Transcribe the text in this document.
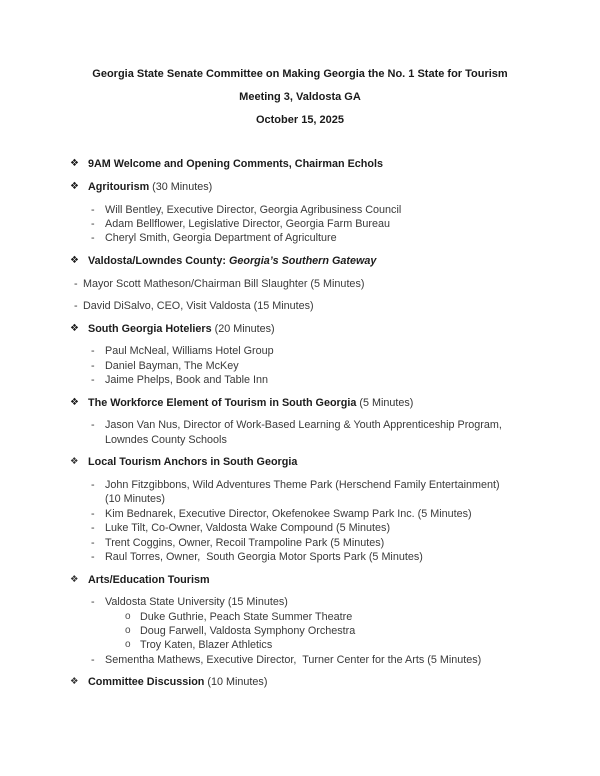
Georgia State Senate Committee on Making Georgia the No. 1 State for Tourism
Meeting 3, Valdosta GA
October 15, 2025
❖ 9AM Welcome and Opening Comments, Chairman Echols
❖ Agritourism (30 Minutes)
- Will Bentley, Executive Director, Georgia Agribusiness Council
- Adam Bellflower, Legislative Director, Georgia Farm Bureau
- Cheryl Smith, Georgia Department of Agriculture
❖ Valdosta/Lowndes County: Georgia’s Southern Gateway
- Mayor Scott Matheson/Chairman Bill Slaughter (5 Minutes)
- David DiSalvo, CEO, Visit Valdosta (15 Minutes)
❖ South Georgia Hoteliers (20 Minutes)
- Paul McNeal, Williams Hotel Group
- Daniel Bayman, The McKey
- Jaime Phelps, Book and Table Inn
❖ The Workforce Element of Tourism in South Georgia (5 Minutes)
- Jason Van Nus, Director of Work-Based Learning & Youth Apprenticeship Program,
Lowndes County Schools
❖ Local Tourism Anchors in South Georgia
- John Fitzgibbons, Wild Adventures Theme Park (Herschend Family Entertainment)
(10 Minutes)
- Kim Bednarek, Executive Director, Okefenokee Swamp Park Inc. (5 Minutes)
- Luke Tilt, Co-Owner, Valdosta Wake Compound (5 Minutes)
- Trent Coggins, Owner, Recoil Trampoline Park (5 Minutes)
- Raul Torres, Owner,  South Georgia Motor Sports Park (5 Minutes)
❖ Arts/Education Tourism
- Valdosta State University (15 Minutes)
o Duke Guthrie, Peach State Summer Theatre
o Doug Farwell, Valdosta Symphony Orchestra
o Troy Katen, Blazer Athletics
- Sementha Mathews, Executive Director,  Turner Center for the Arts (5 Minutes)
❖ Committee Discussion (10 Minutes)
